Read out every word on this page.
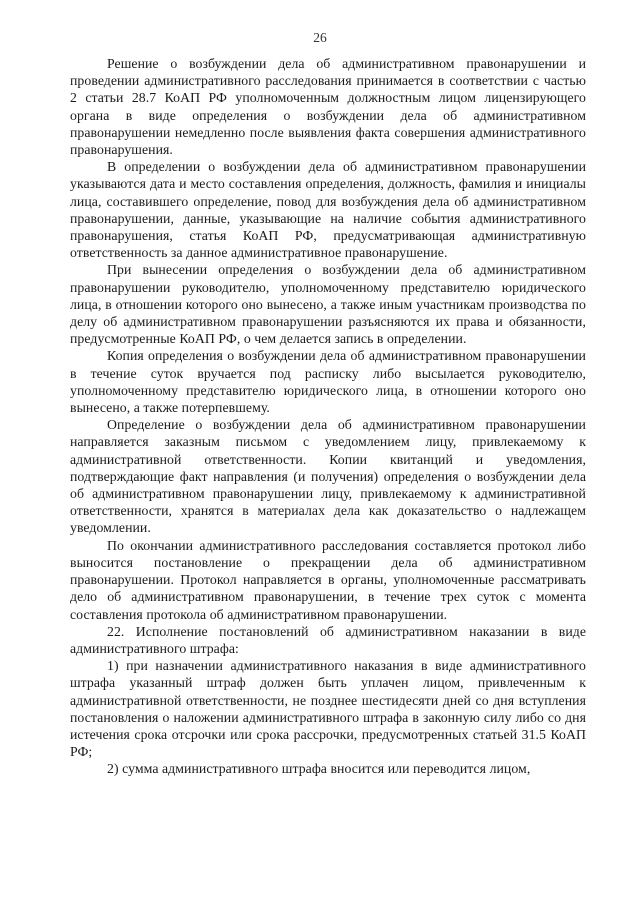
26

Решение о возбуждении дела об административном правонарушении и проведении административного расследования принимается в соответствии с частью 2 статьи 28.7 КоАП РФ уполномоченным должностным лицом лицензирующего органа в виде определения о возбуждении дела об административном правонарушении немедленно после выявления факта совершения административного правонарушения.

В определении о возбуждении дела об административном правонарушении указываются дата и место составления определения, должность, фамилия и инициалы лица, составившего определение, повод для возбуждения дела об административном правонарушении, данные, указывающие на наличие события административного правонарушения, статья КоАП РФ, предусматривающая административную ответственность за данное административное правонарушение.

При вынесении определения о возбуждении дела об административном правонарушении руководителю, уполномоченному представителю юридического лица, в отношении которого оно вынесено, а также иным участникам производства по делу об административном правонарушении разъясняются их права и обязанности, предусмотренные КоАП РФ, о чем делается запись в определении.

Копия определения о возбуждении дела об административном правонарушении в течение суток вручается под расписку либо высылается руководителю, уполномоченному представителю юридического лица, в отношении которого оно вынесено, а также потерпевшему.

Определение о возбуждении дела об административном правонарушении направляется заказным письмом с уведомлением лицу, привлекаемому к административной ответственности. Копии квитанций и уведомления, подтверждающие факт направления (и получения) определения о возбуждении дела об административном правонарушении лицу, привлекаемому к административной ответственности, хранятся в материалах дела как доказательство о надлежащем уведомлении.

По окончании административного расследования составляется протокол либо выносится постановление о прекращении дела об административном правонарушении. Протокол направляется в органы, уполномоченные рассматривать дело об административном правонарушении, в течение трех суток с момента составления протокола об административном правонарушении.

22. Исполнение постановлений об административном наказании в виде административного штрафа:

1) при назначении административного наказания в виде административного штрафа указанный штраф должен быть уплачен лицом, привлеченным к административной ответственности, не позднее шестидесяти дней со дня вступления постановления о наложении административного штрафа в законную силу либо со дня истечения срока отсрочки или срока рассрочки, предусмотренных статьей 31.5 КоАП РФ;

2) сумма административного штрафа вносится или переводится лицом,
